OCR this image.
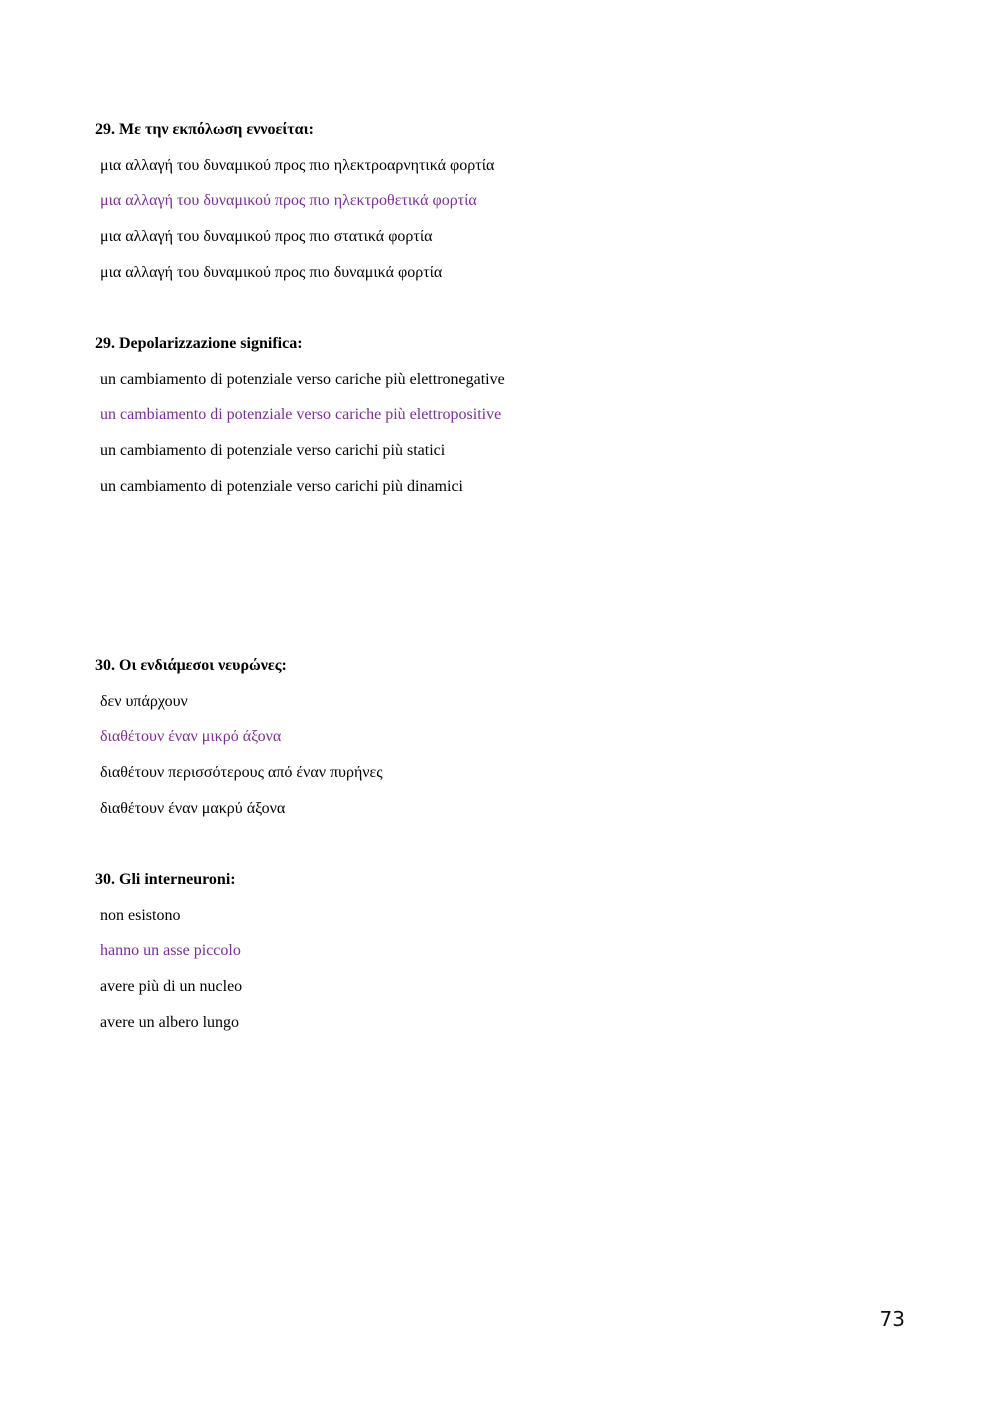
29. Με την εκπόλωση εννοείται:
μια αλλαγή του δυναμικού προς πιο ηλεκτροαρνητικά φορτία
μια αλλαγή του δυναμικού προς πιο ηλεκτροθετικά φορτία
μια αλλαγή του δυναμικού προς πιο στατικά φορτία
μια αλλαγή του δυναμικού προς πιο δυναμικά φορτία
29. Depolarizzazione significa:
un cambiamento di potenziale verso cariche più elettronegative
un cambiamento di potenziale verso cariche più elettropositive
un cambiamento di potenziale verso carichi più statici
un cambiamento di potenziale verso carichi più dinamici
30. Οι ενδιάμεσοι νευρώνες:
δεν υπάρχουν
διαθέτουν έναν μικρό άξονα
διαθέτουν περισσότερους από έναν πυρήνες
διαθέτουν έναν μακρύ άξονα
30. Gli interneuroni:
non esistono
hanno un asse piccolo
avere più di un nucleo
avere un albero lungo
73
